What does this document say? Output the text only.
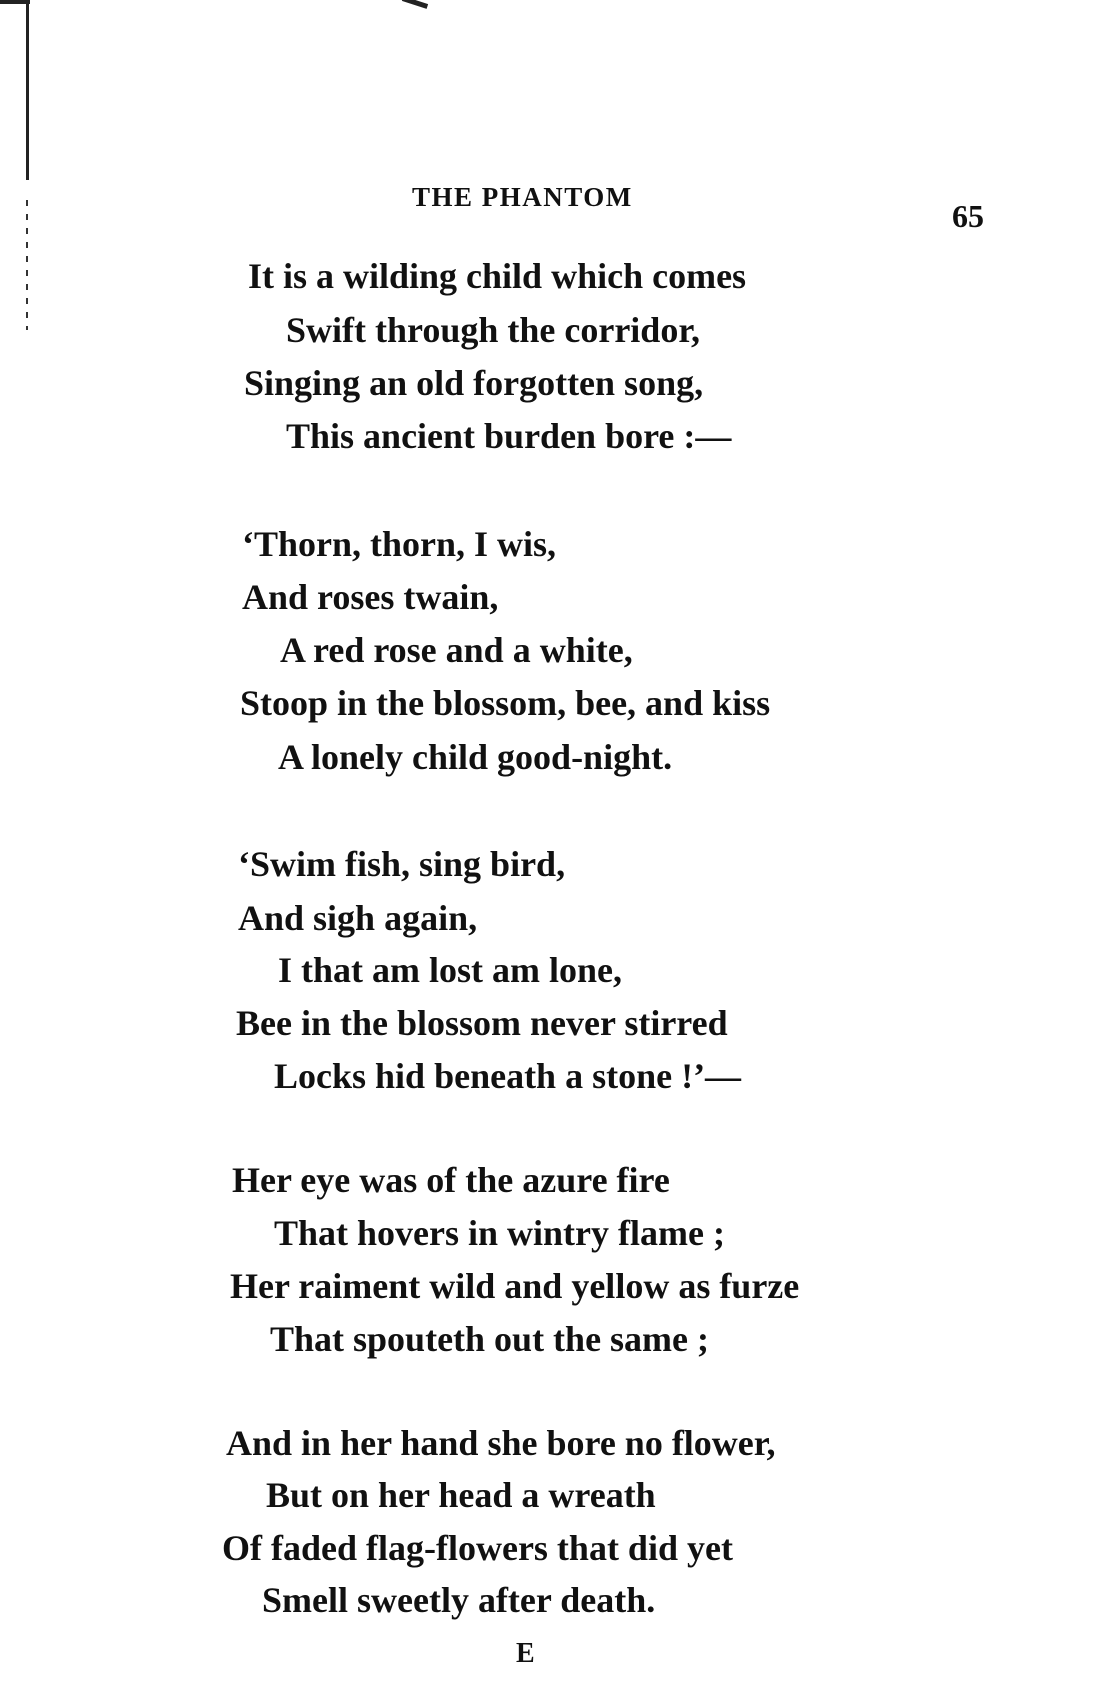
THE PHANTOM
65
It is a wilding child which comes
Swift through the corridor,
Singing an old forgotten song,
This ancient burden bore :—
‘Thorn, thorn, I wis,
And roses twain,
A red rose and a white,
Stoop in the blossom, bee, and kiss
A lonely child good-night.
‘Swim fish, sing bird,
And sigh again,
I that am lost am lone,
Bee in the blossom never stirred
Locks hid beneath a stone !’—
Her eye was of the azure fire
That hovers in wintry flame ;
Her raiment wild and yellow as furze
That spouteth out the same ;
And in her hand she bore no flower,
But on her head a wreath
Of faded flag-flowers that did yet
Smell sweetly after death.
E
